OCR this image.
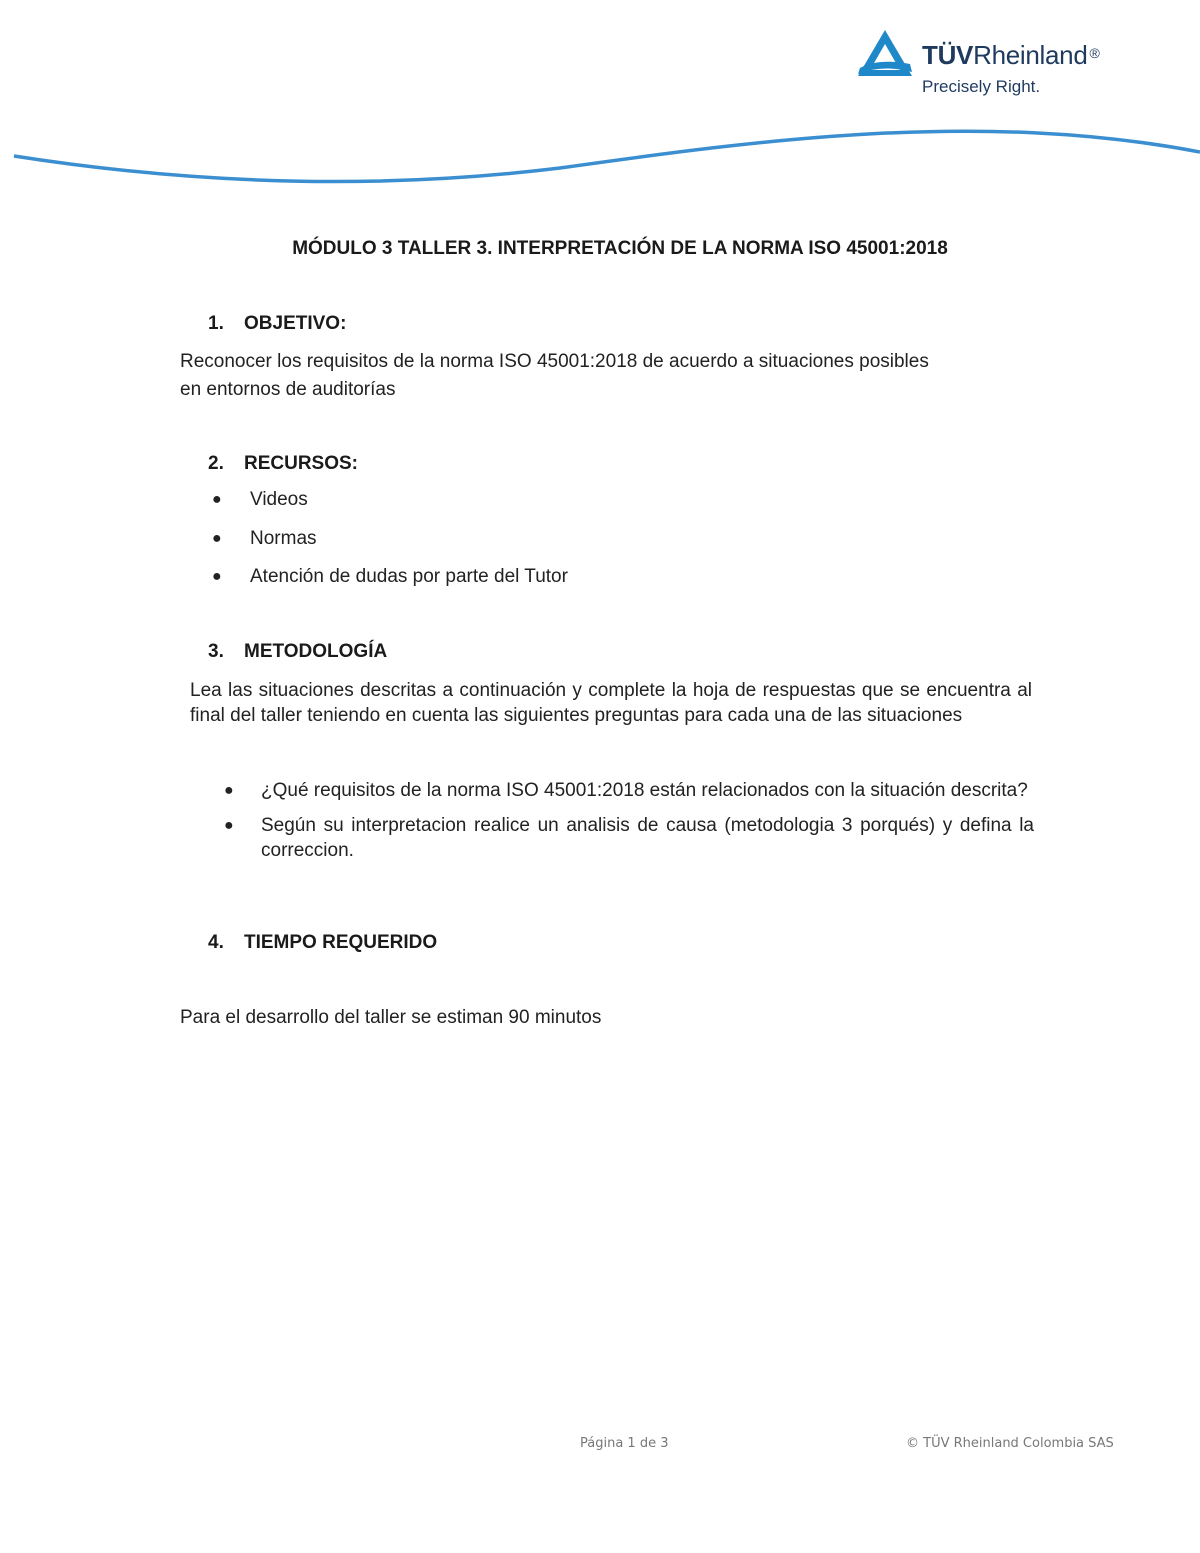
TÜVRheinland ®
Precisely Right.
MÓDULO 3 TALLER 3. INTERPRETACIÓN DE LA NORMA ISO 45001:2018
1. OBJETIVO:

Reconocer los requisitos de la norma ISO 45001:2018 de acuerdo a situaciones posibles
en entornos de auditorías

2. RECURSOS:
● Videos
● Normas
● Atención de dudas por parte del Tutor
3. METODOLOGÍA

Lea las situaciones descritas a continuación y complete la hoja de respuestas que se encuentra al final del taller teniendo en cuenta las siguientes preguntas para cada una de las situaciones

● ¿Qué requisitos de la norma ISO 45001:2018 están relacionados con la situación descrita?
● Según su interpretacion realice un analisis de causa (metodologia 3 porqués) y defina la correccion.
4. TIEMPO REQUERIDO

Para el desarrollo del taller se estiman 90 minutos

Página 1 de 3	© TÜV Rheinland Colombia SAS
